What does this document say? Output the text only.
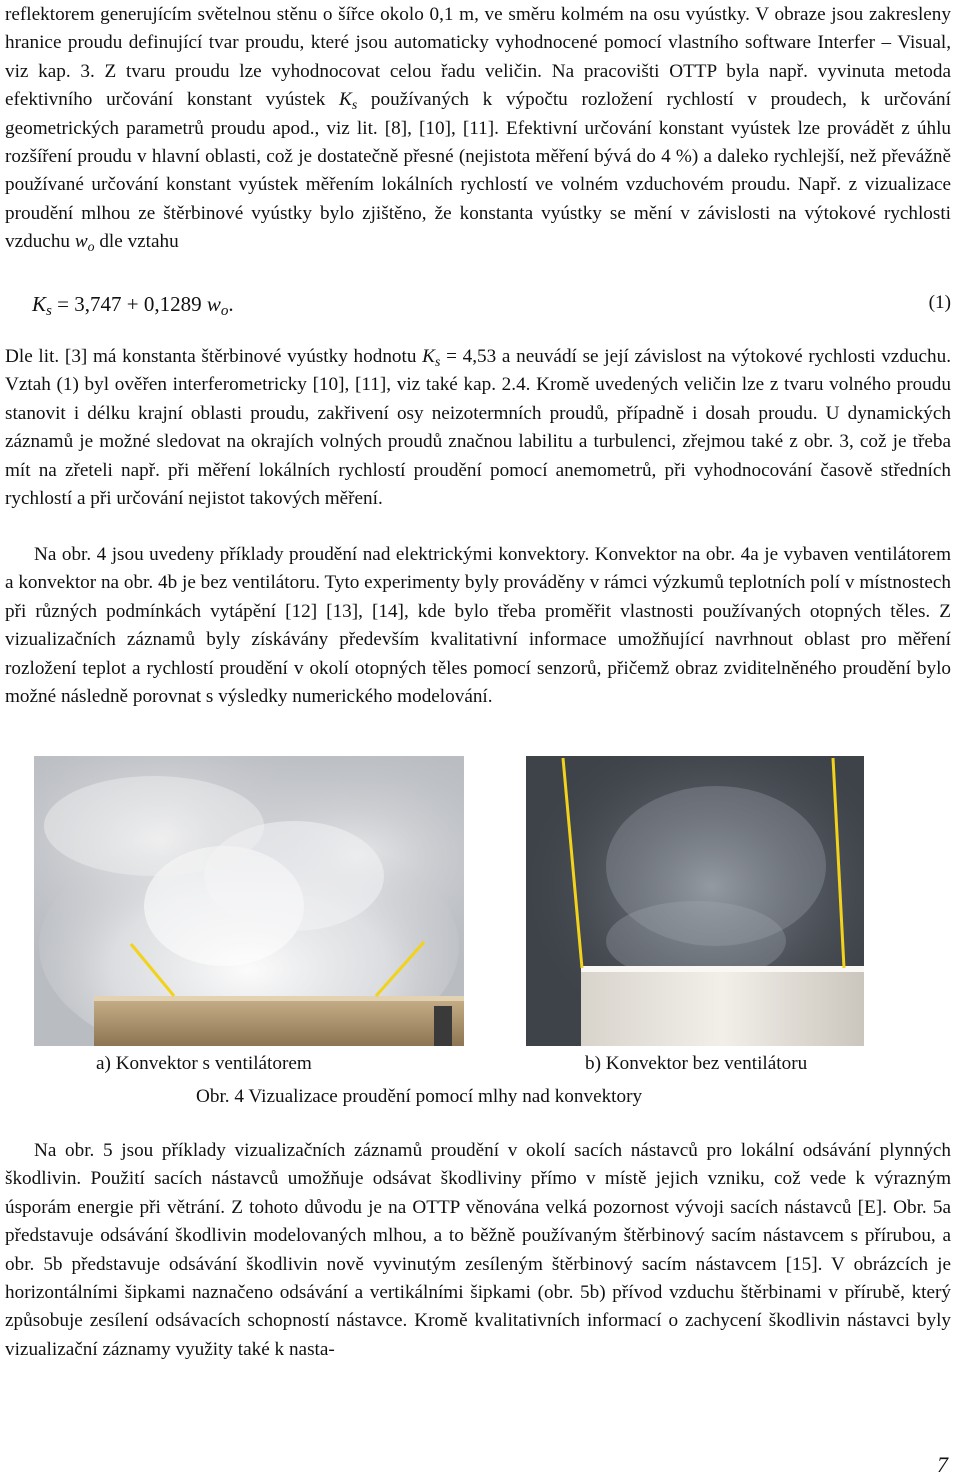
reflektorem generujícím světelnou stěnu o šířce okolo 0,1 m, ve směru kolmém na osu vyústky. V obraze jsou zakresleny hranice proudu definující tvar proudu, které jsou automaticky vyhodnocené pomocí vlastního software Interfer – Visual, viz kap. 3. Z tvaru proudu lze vyhodnocovat celou řadu veličin. Na pracovišti OTTP byla např. vyvinuta metoda efektivního určování konstant vyústek $K_s$ používaných k výpočtu rozložení rychlostí v proudech, k určování geometrických parametrů proudu apod., viz lit. [8], [10], [11]. Efektivní určování konstant vyústek lze provádět z úhlu rozšíření proudu v hlavní oblasti, což je dostatečně přesné (nejistota měření bývá do 4 %) a daleko rychlejší, než převážně používané určování konstant vyústek měřením lokálních rychlostí ve volném vzduchovém proudu. Např. z vizualizace proudění mlhou ze štěrbinové vyústky bylo zjištěno, že konstanta vyústky se mění v závislosti na výtokové rychlosti vzduchu $w_o$ dle vztahu

$K_s = 3,747 + 0,1289$ $w_o$.	(1)

Dle lit. [3] má konstanta štěrbinové vyústky hodnotu $K_s = 4,53$ a neuvádí se její závislost na výtokové rychlosti vzduchu. Vztah (1) byl ověřen interferometricky [10], [11], viz také kap. 2.4. Kromě uvedených veličin lze z tvaru volného proudu stanovit i délku krajní oblasti proudu, zakřivení osy neizotermních proudů, případně i dosah proudu. U dynamických záznamů je možné sledovat na okrajích volných proudů značnou labilitu a turbulenci, zřejmou také z obr. 3, což je třeba mít na zřeteli např. při měření lokálních rychlostí proudění pomocí anemometrů, při vyhodnocování časově středních rychlostí a při určování nejistot takových měření.

Na obr. 4 jsou uvedeny příklady proudění nad elektrickými konvektory. Konvektor na obr. 4a je vybaven ventilátorem a konvektor na obr. 4b je bez ventilátoru. Tyto experimenty byly prováděny v rámci výzkumů teplotních polí v místnostech při různých podmínkách vytápění [12] [13], [14], kde bylo třeba proměřit vlastnosti používaných otopných těles. Z vizualizačních záznamů byly získávány především kvalitativní informace umožňující navrhnout oblast pro měření rozložení teplot a rychlostí proudění v okolí otopných těles pomocí senzorů, přičemž obraz zviditelněného proudění bylo možné následně porovnat s výsledky numerického modelování.

a) Konvektor s ventilátorem	b) Konvektor bez ventilátoru
Obr. 4 Vizualizace proudění pomocí mlhy nad konvektory

Na obr. 5 jsou příklady vizualizačních záznamů proudění v okolí sacích nástavců pro lokální odsávání plynných škodlivin. Použití sacích nástavců umožňuje odsávat škodliviny přímo v místě jejich vzniku, což vede k výrazným úsporám energie při větrání. Z tohoto důvodu je na OTTP věnována velká pozornost vývoji sacích nástavců [E]. Obr. 5a představuje odsávání škodlivin modelovaných mlhou, a to běžně používaným štěrbinový sacím nástavcem s přírubou, a obr. 5b představuje odsávání škodlivin nově vyvinutým zesíleným štěrbinový sacím nástavcem [15]. V obrázcích je horizontálními šipkami naznačeno odsávání a vertikálními šipkami (obr. 5b) přívod vzduchu štěrbinami v přírubě, který způsobuje zesílení odsávacích schopností nástavce. Kromě kvalitativních informací o zachycení škodlivin nástavci byly vizualizační záznamy využity také k nasta-

7
